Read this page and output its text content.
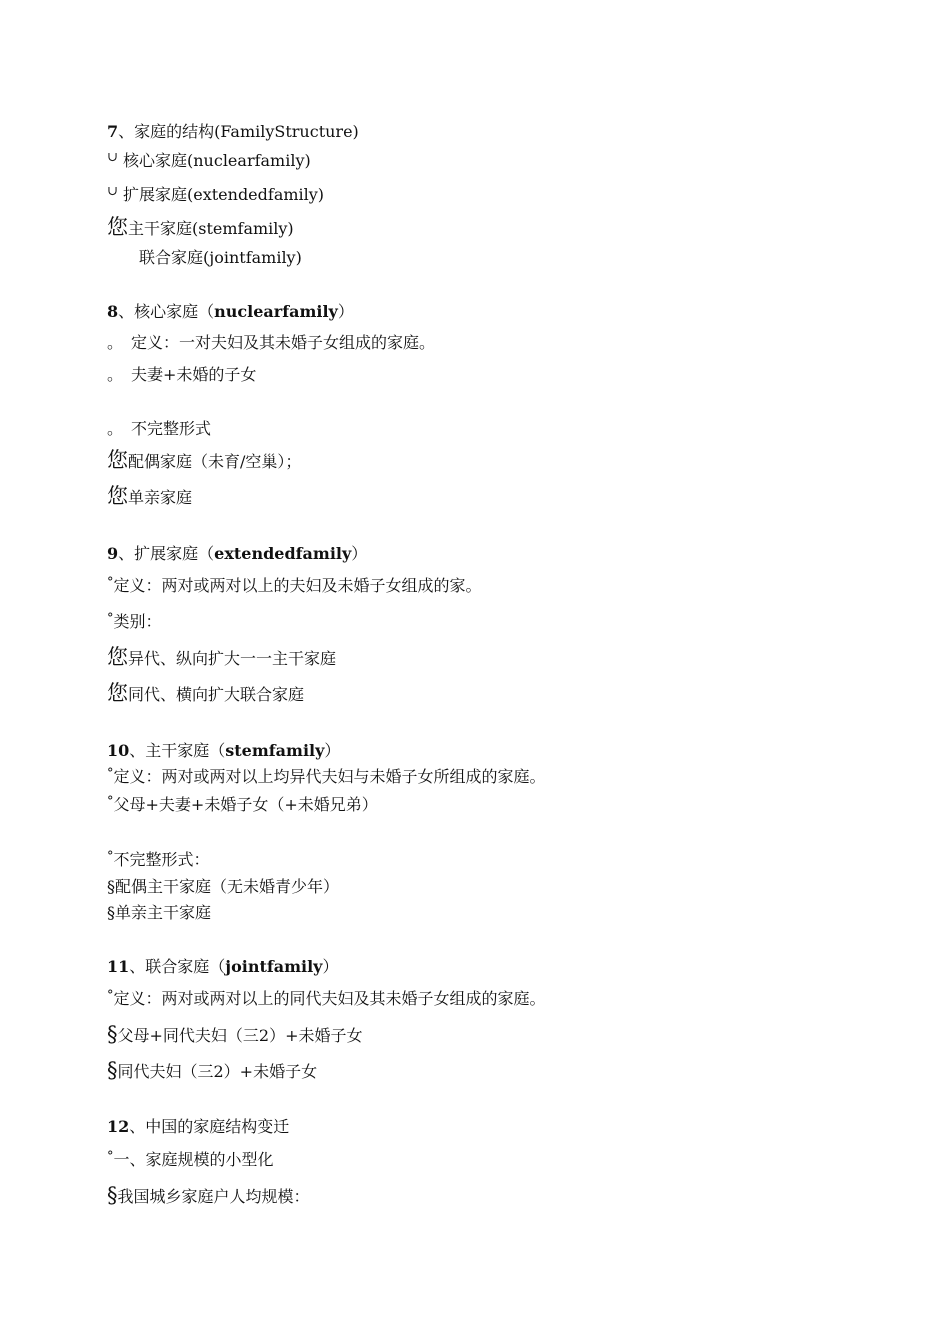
7、家庭的结构(FamilyStructure)
∪ 核心家庭(nuclearfamily)
∪ 扩展家庭(extendedfamily)
您主干家庭(stemfamily)
联合家庭(jointfamily)
8、核心家庭（nuclearfamily）
。 定义：一对夫妇及其未婚子女组成的家庭。
。 夫妻+未婚的子女
。 不完整形式
您配偶家庭（未育/空巢）；
您单亲家庭
9、扩展家庭（extendedfamily）
°定义：两对或两对以上的夫妇及未婚子女组成的家。
°类别：
您异代、纵向扩大一一主干家庭
您同代、横向扩大联合家庭
10、主干家庭（stemfamily）
°定义：两对或两对以上均异代夫妇与未婚子女所组成的家庭。
°父母+夫妻+未婚子女（+未婚兄弟）
°不完整形式：
§配偶主干家庭（无未婚青少年）
§单亲主干家庭
11、联合家庭（jointfamily）
°定义：两对或两对以上的同代夫妇及其未婚子女组成的家庭。
§父母+同代夫妇（三2）+未婚子女
§同代夫妇（三2）+未婚子女
12、中国的家庭结构变迁
°一、家庭规模的小型化
§我国城乡家庭户人均规模：
